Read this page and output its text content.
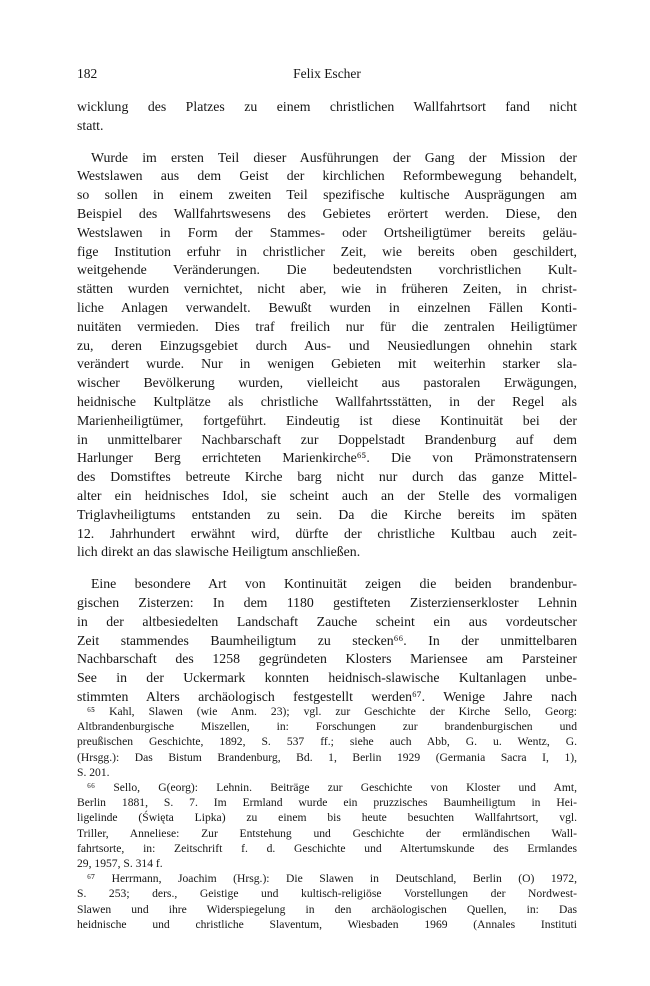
182	Felix Escher
wicklung des Platzes zu einem christlichen Wallfahrtsort fand nicht
statt.
Wurde im ersten Teil dieser Ausführungen der Gang der Mission der
Westslawen aus dem Geist der kirchlichen Reformbewegung behandelt,
so sollen in einem zweiten Teil spezifische kultische Ausprägungen am
Beispiel des Wallfahrtswesens des Gebietes erörtert werden. Diese, den
Westslawen in Form der Stammes- oder Ortsheiligtümer bereits geläu-
fige Institution erfuhr in christlicher Zeit, wie bereits oben geschildert,
weitgehende Veränderungen. Die bedeutendsten vorchristlichen Kult-
stätten wurden vernichtet, nicht aber, wie in früheren Zeiten, in christ-
liche Anlagen verwandelt. Bewußt wurden in einzelnen Fällen Konti-
nuitäten vermieden. Dies traf freilich nur für die zentralen Heiligtümer
zu, deren Einzugsgebiet durch Aus- und Neusiedlungen ohnehin stark
verändert wurde. Nur in wenigen Gebieten mit weiterhin starker sla-
wischer Bevölkerung wurden, vielleicht aus pastoralen Erwägungen,
heidnische Kultplätze als christliche Wallfahrtsstätten, in der Regel als
Marienheiligtümer, fortgeführt. Eindeutig ist diese Kontinuität bei der
in unmittelbarer Nachbarschaft zur Doppelstadt Brandenburg auf dem
Harlunger Berg errichteten Marienkirche⁶⁵. Die von Prämonstratensern
des Domstiftes betreute Kirche barg nicht nur durch das ganze Mittel-
alter ein heidnisches Idol, sie scheint auch an der Stelle des vormaligen
Triglavheiligtums entstanden zu sein. Da die Kirche bereits im späten
12. Jahrhundert erwähnt wird, dürfte der christliche Kultbau auch zeit-
lich direkt an das slawische Heiligtum anschließen.
Eine besondere Art von Kontinuität zeigen die beiden brandenbur-
gischen Zisterzen: In dem 1180 gestifteten Zisterzienserkloster Lehnin
in der altbesiedelten Landschaft Zauche scheint ein aus vordeutscher
Zeit stammendes Baumheiligtum zu stecken⁶⁶. In der unmittelbaren
Nachbarschaft des 1258 gegründeten Klosters Mariensee am Parsteiner
See in der Uckermark konnten heidnisch-slawische Kultanlagen unbe-
stimmten Alters archäologisch festgestellt werden⁶⁷. Wenige Jahre nach
⁶⁵ Kahl, Slawen (wie Anm. 23); vgl. zur Geschichte der Kirche Sello, Georg:
Altbrandenburgische Miszellen, in: Forschungen zur brandenburgischen und
preußischen Geschichte, 1892, S. 537 ff.; siehe auch Abb, G. u. Wentz, G.
(Hrsgg.): Das Bistum Brandenburg, Bd. 1, Berlin 1929 (Germania Sacra I, 1),
S. 201.
⁶⁶ Sello, G(eorg): Lehnin. Beiträge zur Geschichte von Kloster und Amt,
Berlin 1881, S. 7. Im Ermland wurde ein pruzzisches Baumheiligtum in Hei-
ligelinde (Święta Lipka) zu einem bis heute besuchten Wallfahrtsort, vgl.
Triller, Anneliese: Zur Entstehung und Geschichte der ermländischen Wall-
fahrtsorte, in: Zeitschrift f. d. Geschichte und Altertumskunde des Ermlandes
29, 1957, S. 314 f.
⁶⁷ Herrmann, Joachim (Hrsg.): Die Slawen in Deutschland, Berlin (O) 1972,
S. 253; ders., Geistige und kultisch-religiöse Vorstellungen der Nordwest-
Slawen und ihre Widerspiegelung in den archäologischen Quellen, in: Das
heidnische und christliche Slaventum, Wiesbaden 1969 (Annales Instituti
